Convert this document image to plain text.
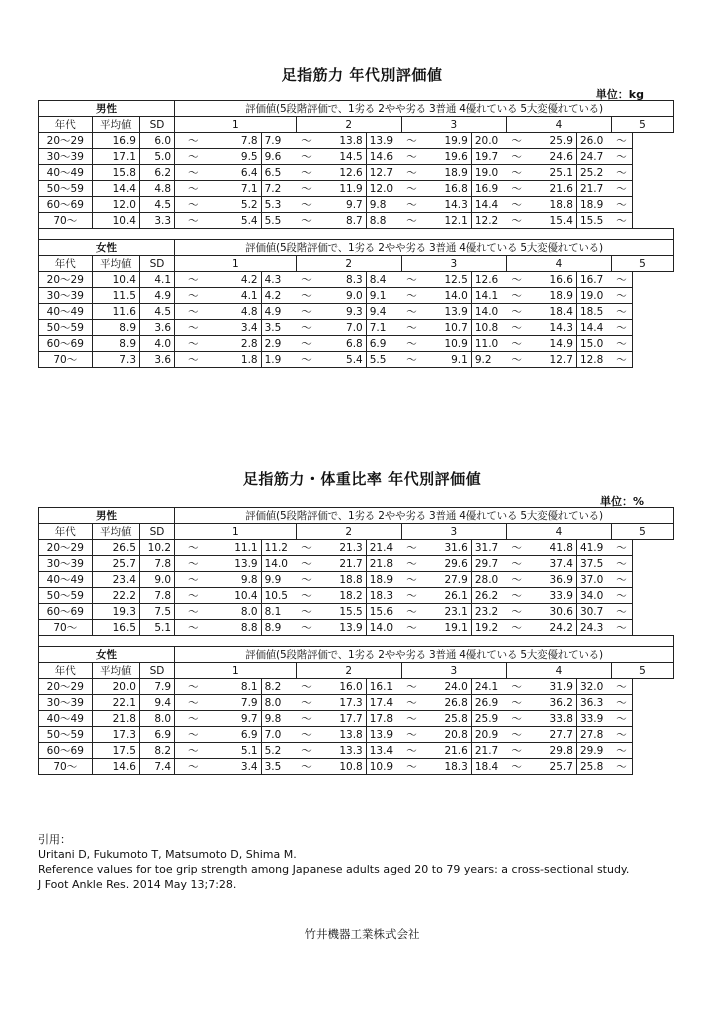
足指筋力 年代別評価値
単位：kg
男性			評価値(5段階評価で、1劣る 2やや劣る 3普通 4優れている 5大変優れている)												
年代	平均値	SD	1			2			3			4			5
20～29	16.9	6.0	～	7.8	7.9	～	13.8	13.9	～	19.9	20.0	～	25.9	26.0	～
30～39	17.1	5.0	～	9.5	9.6	～	14.5	14.6	～	19.6	19.7	～	24.6	24.7	～
40～49	15.8	6.2	～	6.4	6.5	～	12.6	12.7	～	18.9	19.0	～	25.1	25.2	～
50～59	14.4	4.8	～	7.1	7.2	～	11.9	12.0	～	16.8	16.9	～	21.6	21.7	～
60～69	12.0	4.5	～	5.2	5.3	～	9.7	9.8	～	14.3	14.4	～	18.8	18.9	～
70～	10.4	3.3	～	5.4	5.5	～	8.7	8.8	～	12.1	12.2	～	15.4	15.5	～

女性			評価値(5段階評価で、1劣る 2やや劣る 3普通 4優れている 5大変優れている)												
年代	平均値	SD	1			2			3			4			5
20～29	10.4	4.1	～	4.2	4.3	～	8.3	8.4	～	12.5	12.6	～	16.6	16.7	～
30～39	11.5	4.9	～	4.1	4.2	～	9.0	9.1	～	14.0	14.1	～	18.9	19.0	～
40～49	11.6	4.5	～	4.8	4.9	～	9.3	9.4	～	13.9	14.0	～	18.4	18.5	～
50～59	8.9	3.6	～	3.4	3.5	～	7.0	7.1	～	10.7	10.8	～	14.3	14.4	～
60～69	8.9	4.0	～	2.8	2.9	～	6.8	6.9	～	10.9	11.0	～	14.9	15.0	～
70～	7.3	3.6	～	1.8	1.9	～	5.4	5.5	～	9.1	9.2	～	12.7	12.8	～
足指筋力・体重比率 年代別評価値
単位：%
男性			評価値(5段階評価で、1劣る 2やや劣る 3普通 4優れている 5大変優れている)												
年代	平均値	SD	1			2			3			4			5
20～29	26.5	10.2	～	11.1	11.2	～	21.3	21.4	～	31.6	31.7	～	41.8	41.9	～
30～39	25.7	7.8	～	13.9	14.0	～	21.7	21.8	～	29.6	29.7	～	37.4	37.5	～
40～49	23.4	9.0	～	9.8	9.9	～	18.8	18.9	～	27.9	28.0	～	36.9	37.0	～
50～59	22.2	7.8	～	10.4	10.5	～	18.2	18.3	～	26.1	26.2	～	33.9	34.0	～
60～69	19.3	7.5	～	8.0	8.1	～	15.5	15.6	～	23.1	23.2	～	30.6	30.7	～
70～	16.5	5.1	～	8.8	8.9	～	13.9	14.0	～	19.1	19.2	～	24.2	24.3	～

女性			評価値(5段階評価で、1劣る 2やや劣る 3普通 4優れている 5大変優れている)												
年代	平均値	SD	1			2			3			4			5
20～29	20.0	7.9	～	8.1	8.2	～	16.0	16.1	～	24.0	24.1	～	31.9	32.0	～
30～39	22.1	9.4	～	7.9	8.0	～	17.3	17.4	～	26.8	26.9	～	36.2	36.3	～
40～49	21.8	8.0	～	9.7	9.8	～	17.7	17.8	～	25.8	25.9	～	33.8	33.9	～
50～59	17.3	6.9	～	6.9	7.0	～	13.8	13.9	～	20.8	20.9	～	27.7	27.8	～
60～69	17.5	8.2	～	5.1	5.2	～	13.3	13.4	～	21.6	21.7	～	29.8	29.9	～
70～	14.6	7.4	～	3.4	3.5	～	10.8	10.9	～	18.3	18.4	～	25.7	25.8	～
引用：
Uritani D, Fukumoto T, Matsumoto D, Shima M.
Reference values for toe grip strength among Japanese adults aged 20 to 79 years: a cross-sectional study.
J Foot Ankle Res. 2014 May 13;7:28.
竹井機器工業株式会社
